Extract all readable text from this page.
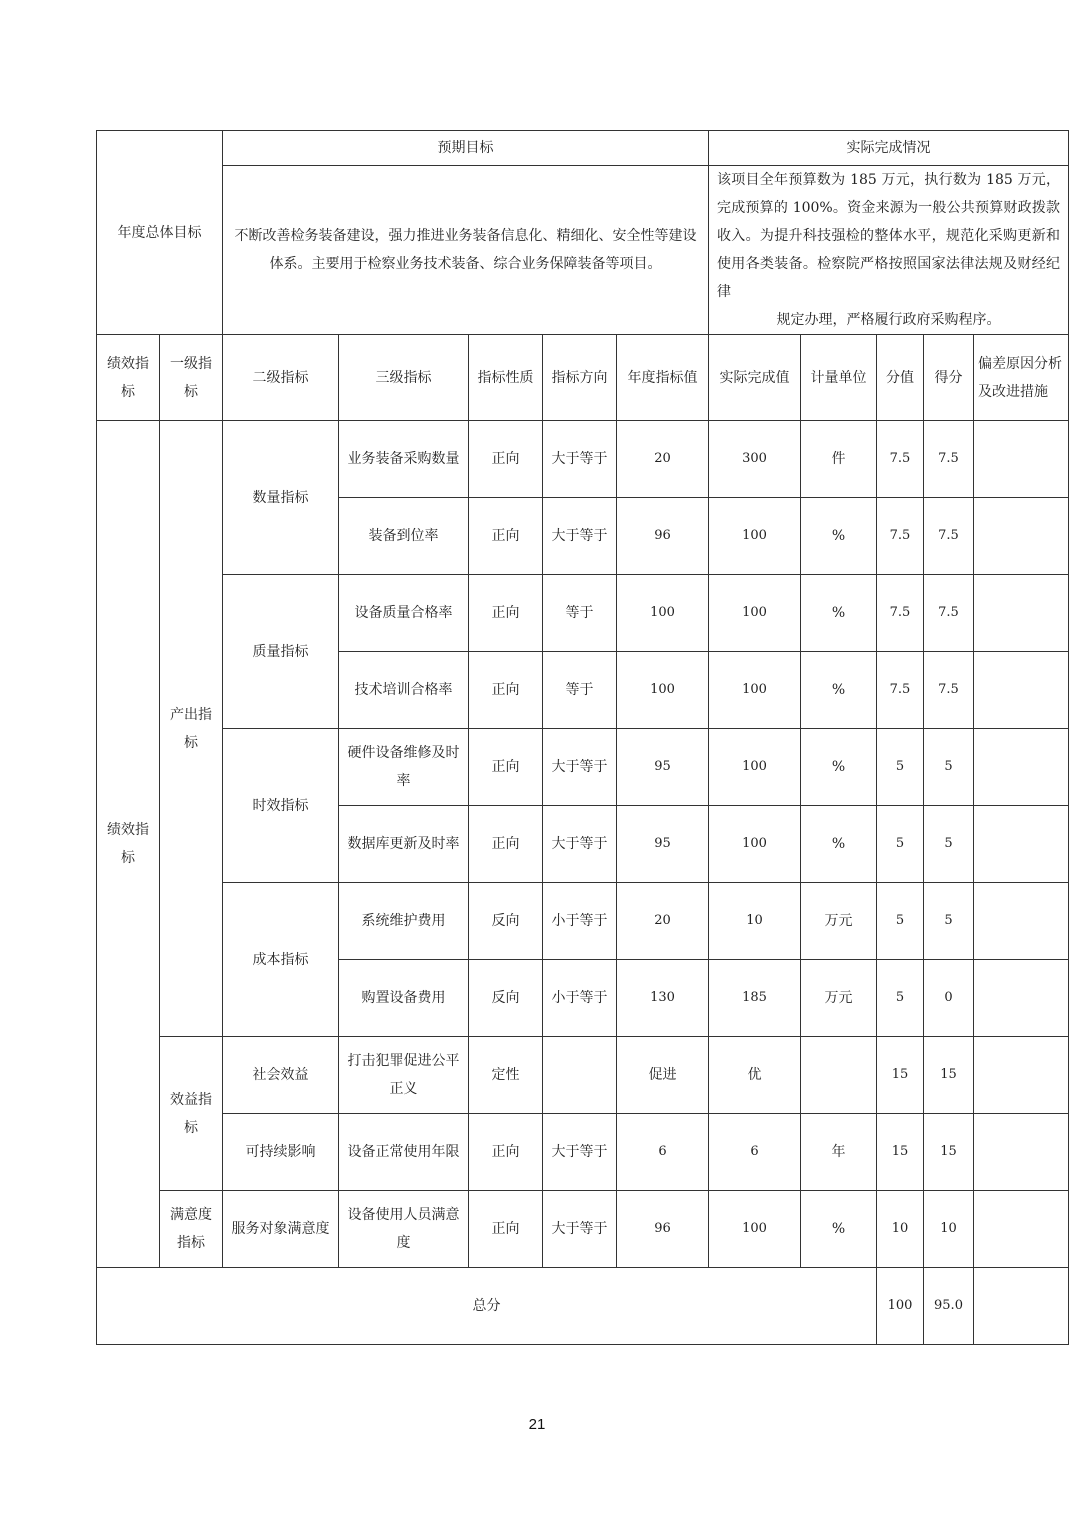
年度总体目标		预期目标					实际完成情况				
		不断改善检务装备建设，强力推进业务装备信息化、精细化、安全性等建设体系。主要用于检察业务技术装备、综合业务保障装备等项目。					该项目全年预算数为 185 万元，执行数为 185 万元，完成预算的 100%。资金来源为一般公共预算财政拨款收入。为提升科技强检的整体水平，规范化采购更新和使用各类装备。检察院严格按照国家法律法规及财经纪律
规定办理，严格履行政府采购程序。				

绩效指标	一级指标	二级指标	三级指标	指标性质	指标方向	年度指标值	实际完成值	计量单位	分值	得分	偏差原因分析及改进措施
绩效指标	产出指标	数量指标	业务装备采购数量	正向	大于等于	20	300	件	7.5	7.5	
			装备到位率	正向	大于等于	96	100	%	7.5	7.5	
		质量指标	设备质量合格率	正向	等于	100	100	%	7.5	7.5	
			技术培训合格率	正向	等于	100	100	%	7.5	7.5	
		时效指标	硬件设备维修及时率	正向	大于等于	95	100	%	5	5	
			数据库更新及时率	正向	大于等于	95	100	%	5	5	
		成本指标	系统维护费用	反向	小于等于	20	10	万元	5	5	
			购置设备费用	反向	小于等于	130	185	万元	5	0	
	效益指标	社会效益	打击犯罪促进公平正义	定性		促进	优		15	15	
		可持续影响	设备正常使用年限	正向	大于等于	6	6	年	15	15	
	满意度指标	服务对象满意度	设备使用人员满意度	正向	大于等于	96	100	%	10	10	
总分									100	95.0	
21
